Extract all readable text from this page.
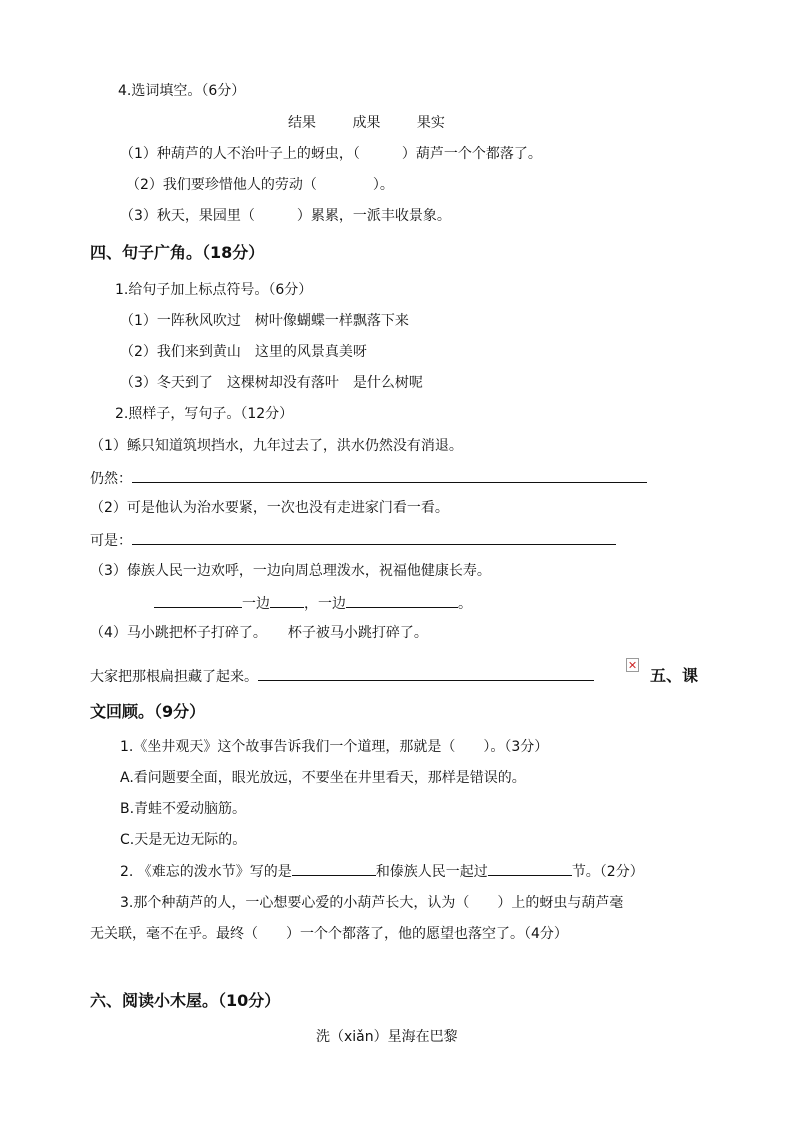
4.选词填空。（6分）
结果	成果	果实
（1）种葫芦的人不治叶子上的蚜虫，（　　　）葫芦一个个都落了。
（2）我们要珍惜他人的劳动（　　　　）。
（3）秋天，果园里（　　　）累累，一派丰收景象。
四、句子广角。（18分）
1.给句子加上标点符号。（6分）
（1）一阵秋风吹过　树叶像蝴蝶一样飘落下来
（2）我们来到黄山　这里的风景真美呀
（3）冬天到了　这棵树却没有落叶　是什么树呢
2.照样子，写句子。（12分）
（1）鲧只知道筑坝挡水，九年过去了，洪水仍然没有消退。
仍然：
（2）可是他认为治水要紧，一次也没有走进家门看一看。
可是：
（3）傣族人民一边欢呼，一边向周总理泼水，祝福他健康长寿。
一边 ，一边	。
（4）马小跳把杯子打碎了。　　杯子被马小跳打碎了。
大家把那根扁担藏了起来。	五、课
文回顾。（9分）
1.《坐井观天》这个故事告诉我们一个道理，那就是（　　）。（3分）
A.看问题要全面，眼光放远，不要坐在井里看天，那样是错误的。
B.青蛙不爱动脑筋。
C.天是无边无际的。
2. 《难忘的泼水节》写的是	和傣族人民一起过	节。（2分）
3.那个种葫芦的人，一心想要心爱的小葫芦长大，认为（　　）上的蚜虫与葫芦毫
无关联，毫不在乎。最终（　　）一个个都落了，他的愿望也落空了。（4分）
六、阅读小木屋。（10分）
洗（xiǎn）星海在巴黎
